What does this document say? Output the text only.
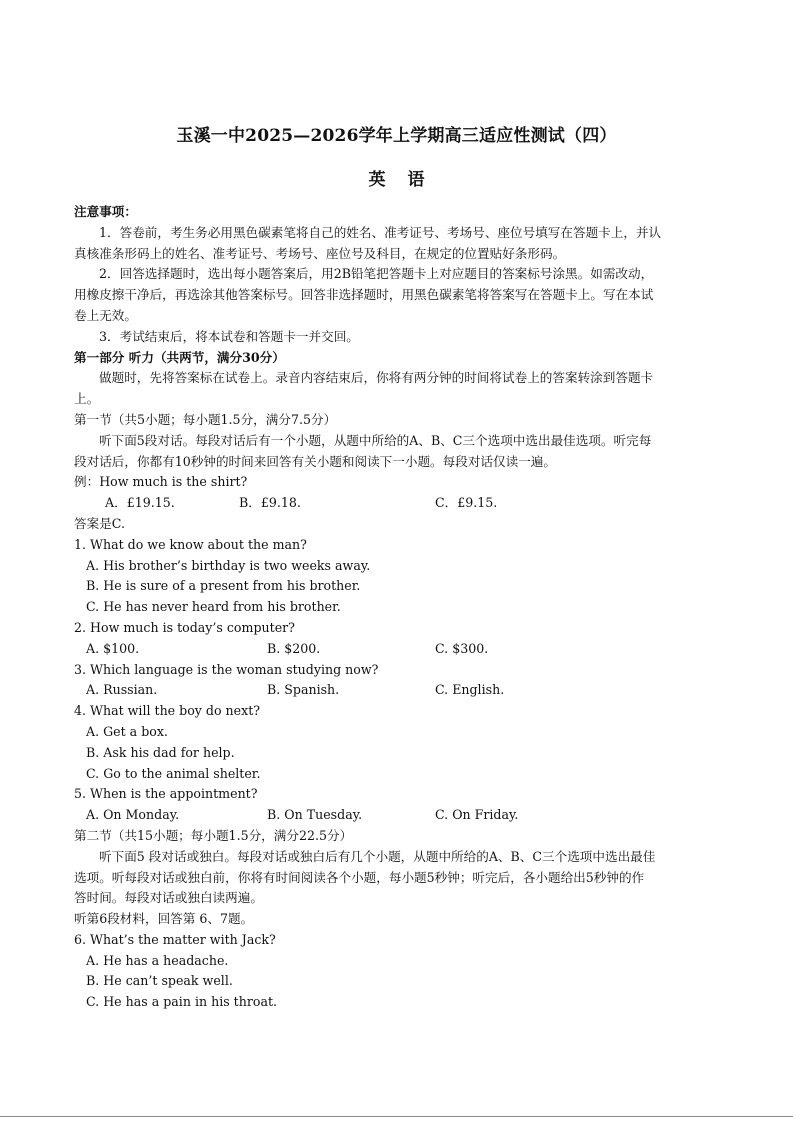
玉溪一中2025—2026学年上学期高三适应性测试（四）
英语
注意事项：
1．答卷前，考生务必用黑色碳素笔将自己的姓名、准考证号、考场号、座位号填写在答题卡上，并认
真核准条形码上的姓名、准考证号、考场号、座位号及科目，在规定的位置贴好条形码。
2．回答选择题时，选出每小题答案后，用2B铅笔把答题卡上对应题目的答案标号涂黑。如需改动，
用橡皮擦干净后，再选涂其他答案标号。回答非选择题时，用黑色碳素笔将答案写在答题卡上。写在本试
卷上无效。
3．考试结束后，将本试卷和答题卡一并交回。
第一部分 听力（共两节，满分30分）
做题时，先将答案标在试卷上。录音内容结束后，你将有两分钟的时间将试卷上的答案转涂到答题卡
上。
第一节（共5小题；每小题1.5分，满分7.5分）
听下面5段对话。每段对话后有一个小题，从题中所给的A、B、C三个选项中选出最佳选项。听完每
段对话后，你都有10秒钟的时间来回答有关小题和阅读下一小题。每段对话仅读一遍。
例：How much is the shirt?
A．£19.15.	B．£9.18.	C．£9.15.
答案是C.
1. What do we know about the man?
A. His brother’s birthday is two weeks away.
B. He is sure of a present from his brother.
C. He has never heard from his brother.
2. How much is today’s computer?
A. $100.	B. $200.	C. $300.
3. Which language is the woman studying now?
A. Russian.	B. Spanish.	C. English.
4. What will the boy do next?
A. Get a box.
B. Ask his dad for help.
C. Go to the animal shelter.
5. When is the appointment?
A. On Monday.	B. On Tuesday.	C. On Friday.
第二节（共15小题；每小题1.5分，满分22.5分）
听下面5 段对话或独白。每段对话或独白后有几个小题，从题中所给的A、B、C三个选项中选出最佳
选项。听每段对话或独白前，你将有时间阅读各个小题，每小题5秒钟；听完后，各小题给出5秒钟的作
答时间。每段对话或独白读两遍。
听第6段材料，回答第 6、7题。
6. What’s the matter with Jack?
A. He has a headache.
B. He can’t speak well.
C. He has a pain in his throat.
